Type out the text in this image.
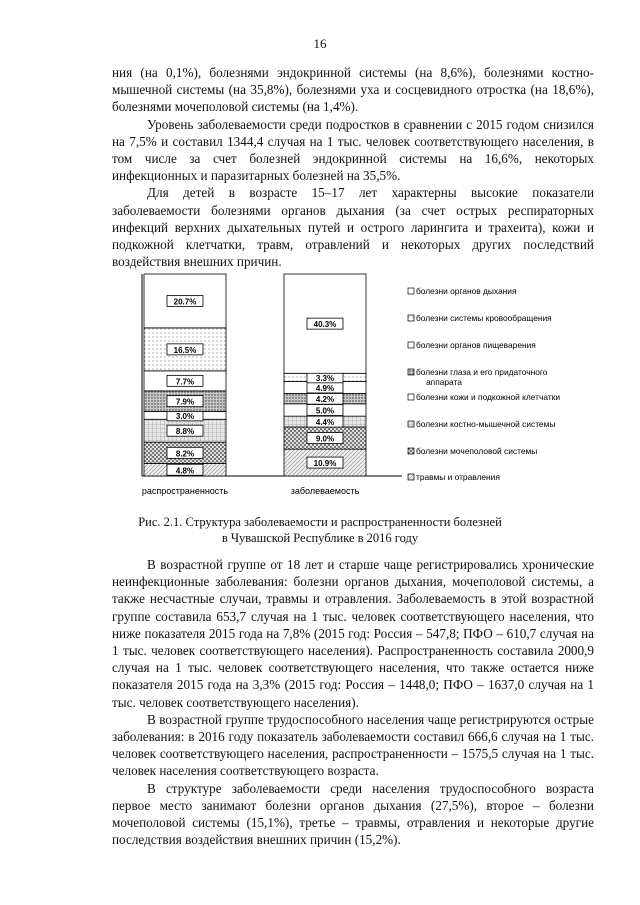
16

ния (на 0,1%), болезнями эндокринной системы (на 8,6%), болезнями костно-мышечной системы (на 35,8%), болезнями уха и сосцевидного отростка (на 18,6%), болезнями мочеполовой системы (на 1,4%).

Уровень заболеваемости среди подростков в сравнении с 2015 годом снизился на 7,5% и составил 1344,4 случая на 1 тыс. человек соответствующего населения, в том числе за счет болезней эндокринной системы на 16,6%, некоторых инфекционных и паразитарных болезней на 35,5%.

Для детей в возрасте 15–17 лет характерны высокие показатели заболеваемости болезнями органов дыхания (за счет острых респираторных инфекций верхних дыхательных путей и острого ларингита и трахеита), кожи и подкожной клетчатки, травм, отравлений и некоторых других последствий воздействия внешних причин.

4.8%
8.2%
8.8%
3.0%
7.9%
7.7%
16.5%
20.7%
распространенность
10.9%
9.0%
4.4%
5.0%
4.2%
4.9%
3.3%
40.3%
заболеваемость
болезни органов дыхания
болезни системы кровообращения
болезни органов пищеварения
болезни глаза и его придаточного аппарата
болезни кожи и подкожной клетчатки
болезни костно-мышечной системы
болезни мочеполовой системы
травмы и отравления
Рис. 2.1. Структура заболеваемости и распространенности болезней
в Чувашской Республике в 2016 году

В возрастной группе от 18 лет и старше чаще регистрировались хронические неинфекционные заболевания: болезни органов дыхания, мочеполовой системы, а также несчастные случаи, травмы и отравления. Заболеваемость в этой возрастной группе составила 653,7 случая на 1 тыс. человек соответствующего населения, что ниже показателя 2015 года на 7,8% (2015 год: Россия – 547,8; ПФО – 610,7 случая на 1 тыс. человек соответствующего населения). Распространенность составила 2000,9 случая на 1 тыс. человек соответствующего населения, что также остается ниже показателя 2015 года на 3,3% (2015 год: Россия – 1448,0; ПФО – 1637,0 случая на 1 тыс. человек соответствующего населения).

В возрастной группе трудоспособного населения чаще регистрируются острые заболевания: в 2016 году показатель заболеваемости составил 666,6 случая на 1 тыс. человек соответствующего населения, распространенности – 1575,5 случая на 1 тыс. человек населения соответствующего возраста.

В структуре заболеваемости среди населения трудоспособного возраста первое место занимают болезни органов дыхания (27,5%), второе – болезни мочеполовой системы (15,1%), третье – травмы, отравления и некоторые другие последствия воздействия внешних причин (15,2%).
